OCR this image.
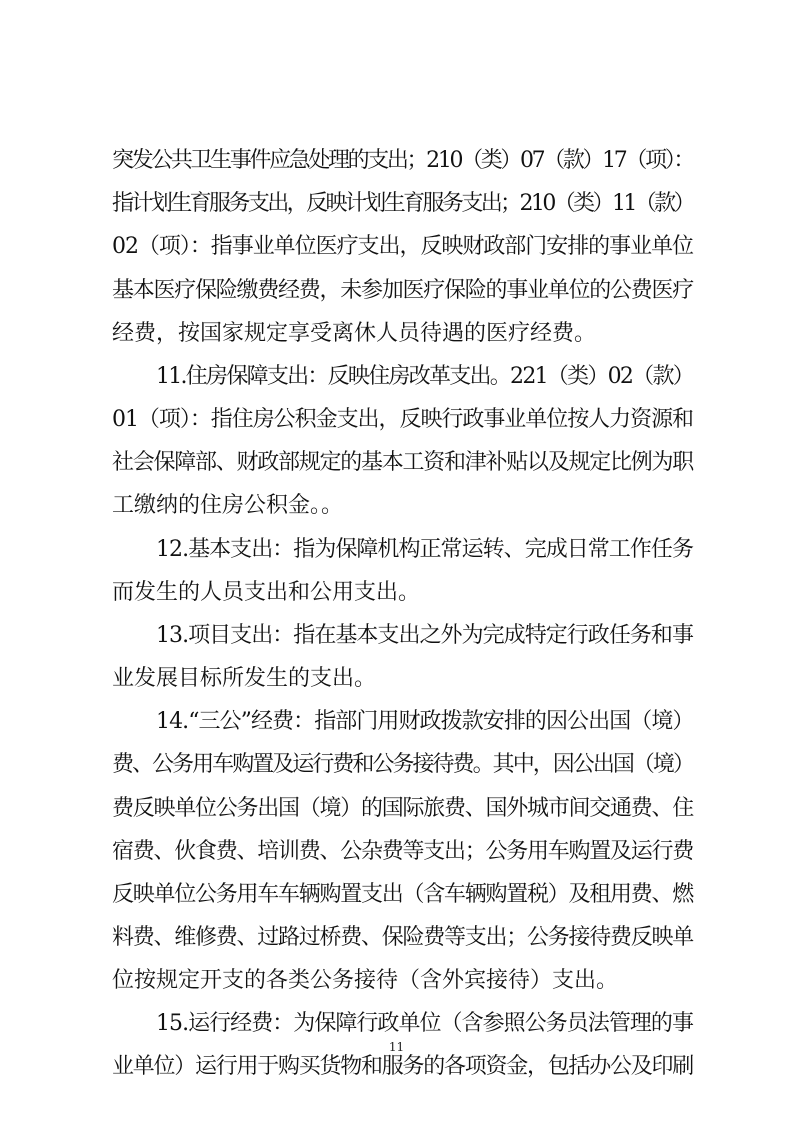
突发公共卫生事件应急处理的支出；210（类）07（款）17（项）：
指计划生育服务支出，反映计划生育服务支出；210（类）11（款）
02（项）：指事业单位医疗支出，反映财政部门安排的事业单位
基本医疗保险缴费经费，未参加医疗保险的事业单位的公费医疗
经费，按国家规定享受离休人员待遇的医疗经费。
11.住房保障支出：反映住房改革支出。221（类）02（款）
01（项）：指住房公积金支出，反映行政事业单位按人力资源和
社会保障部、财政部规定的基本工资和津补贴以及规定比例为职
工缴纳的住房公积金。。
12.基本支出：指为保障机构正常运转、完成日常工作任务
而发生的人员支出和公用支出。
13.项目支出：指在基本支出之外为完成特定行政任务和事
业发展目标所发生的支出。
14.“三公”经费：指部门用财政拨款安排的因公出国（境）
费、公务用车购置及运行费和公务接待费。其中，因公出国（境）
费反映单位公务出国（境）的国际旅费、国外城市间交通费、住
宿费、伙食费、培训费、公杂费等支出；公务用车购置及运行费
反映单位公务用车车辆购置支出（含车辆购置税）及租用费、燃
料费、维修费、过路过桥费、保险费等支出；公务接待费反映单
位按规定开支的各类公务接待（含外宾接待）支出。
15.运行经费：为保障行政单位（含参照公务员法管理的事
业单位）运行用于购买货物和服务的各项资金，包括办公及印刷
11
